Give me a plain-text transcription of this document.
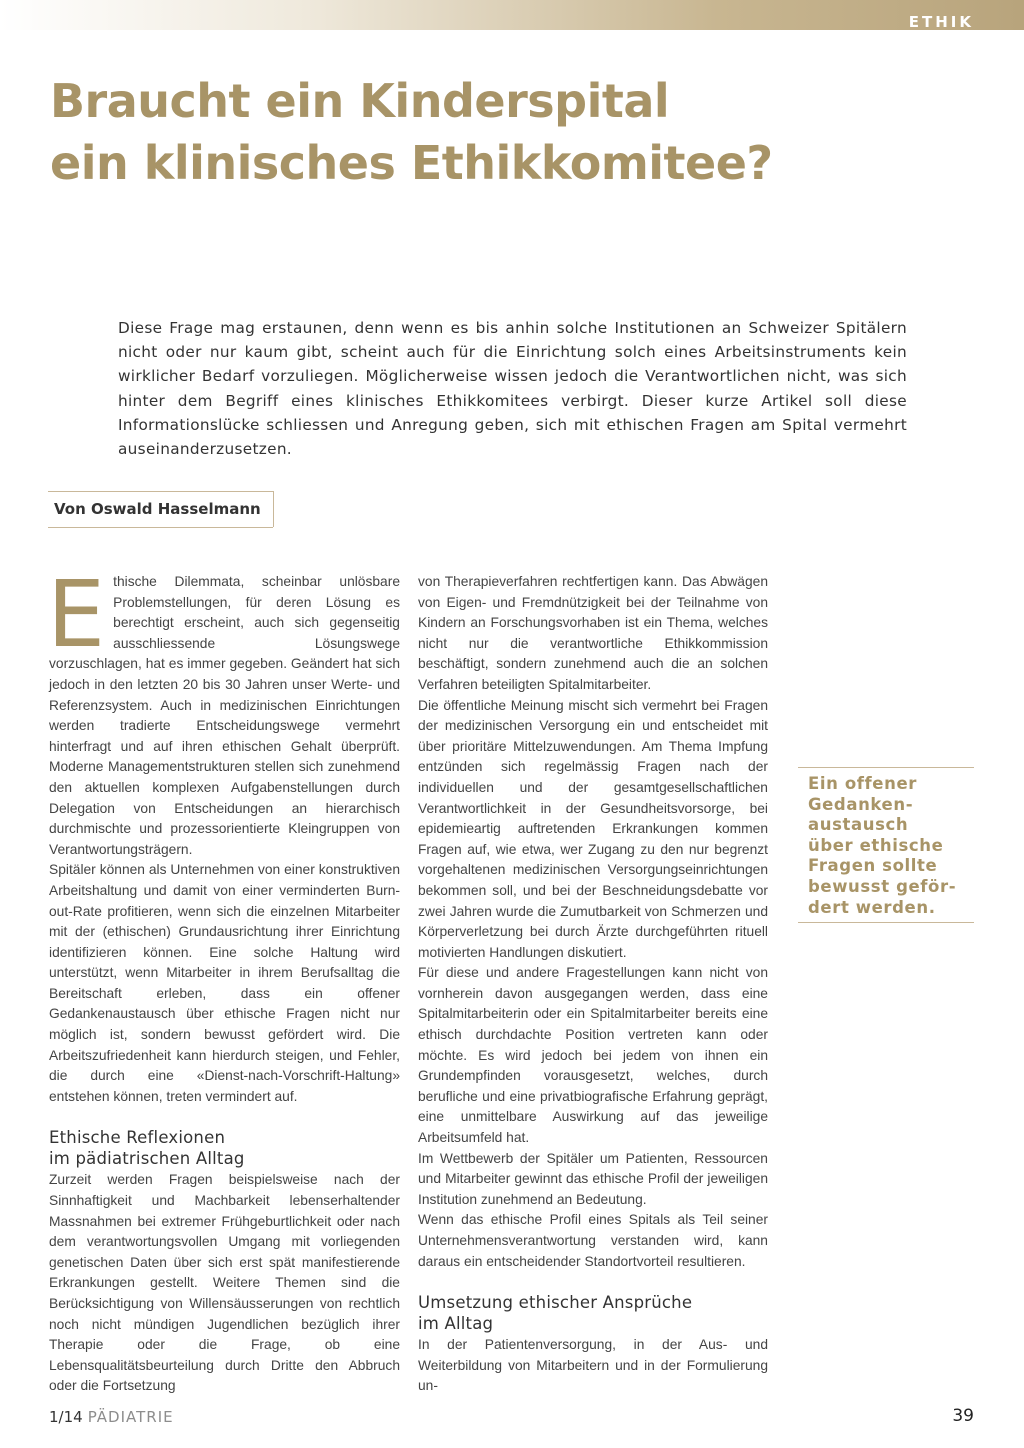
ETHIK
Braucht ein Kinderspital
ein klinisches Ethikkomitee?

Diese Frage mag erstaunen, denn wenn es bis anhin solche Institutionen an Schweizer Spitälern nicht oder nur kaum gibt, scheint auch für die Einrichtung solch eines Arbeitsinstruments kein wirklicher Bedarf vorzuliegen. Möglicherweise wissen jedoch die Verantwortlichen nicht, was sich hinter dem Begriff eines klinisches Ethikkomitees verbirgt. Dieser kurze Artikel soll diese Informationslücke schliessen und Anregung geben, sich mit ethischen Fragen am Spital vermehrt auseinanderzusetzen.

Von Oswald Hasselmann

Ethische Dilemmata, scheinbar unlösbare Problemstellungen, für deren Lösung es berechtigt erscheint, auch sich gegenseitig ausschliessende Lösungswege vorzuschlagen, hat es immer gegeben. Geändert hat sich jedoch in den letzten 20 bis 30 Jahren unser Werte- und Referenzsystem. Auch in medizinischen Einrichtungen werden tradierte Entscheidungswege vermehrt hinterfragt und auf ihren ethischen Gehalt überprüft. Moderne Managementstrukturen stellen sich zunehmend den aktuellen komplexen Aufgabenstellungen durch Delegation von Entscheidungen an hierarchisch durchmischte und prozessorientierte Kleingruppen von Verantwortungsträgern.

Spitäler können als Unternehmen von einer konstruktiven Arbeitshaltung und damit von einer verminderten Burn-out-Rate profitieren, wenn sich die einzelnen Mitarbeiter mit der (ethischen) Grundausrichtung ihrer Einrichtung identifizieren können. Eine solche Haltung wird unterstützt, wenn Mitarbeiter in ihrem Berufsalltag die Bereitschaft erleben, dass ein offener Gedankenaustausch über ethische Fragen nicht nur möglich ist, sondern bewusst gefördert wird. Die Arbeitszufriedenheit kann hierdurch steigen, und Fehler, die durch eine «Dienst-nach-Vorschrift-Haltung» entstehen können, treten vermindert auf.

Ethische Reflexionen
im pädiatrischen Alltag

Zurzeit werden Fragen beispielsweise nach der Sinnhaftigkeit und Machbarkeit lebenserhaltender Massnahmen bei extremer Frühgeburtlichkeit oder nach dem verantwortungsvollen Umgang mit vorliegenden genetischen Daten über sich erst spät manifestierende Erkrankungen gestellt. Weitere Themen sind die Berücksichtigung von Willensäusserungen von rechtlich noch nicht mündigen Jugendlichen bezüglich ihrer Therapie oder die Frage, ob eine Lebensqualitätsbeurteilung durch Dritte den Abbruch oder die Fortsetzung

von Therapieverfahren rechtfertigen kann. Das Abwägen von Eigen- und Fremdnützigkeit bei der Teilnahme von Kindern an Forschungsvorhaben ist ein Thema, welches nicht nur die verantwortliche Ethikkommission beschäftigt, sondern zunehmend auch die an solchen Verfahren beteiligten Spitalmitarbeiter.

Die öffentliche Meinung mischt sich vermehrt bei Fragen der medizinischen Versorgung ein und entscheidet mit über prioritäre Mittelzuwendungen. Am Thema Impfung entzünden sich regelmässig Fragen nach der individuellen und der gesamtgesellschaftlichen Verantwortlichkeit in der Gesundheitsvorsorge, bei epidemieartig auftretenden Erkrankungen kommen Fragen auf, wie etwa, wer Zugang zu den nur begrenzt vorgehaltenen medizinischen Versorgungseinrichtungen bekommen soll, und bei der Beschneidungsdebatte vor zwei Jahren wurde die Zumutbarkeit von Schmerzen und Körperverletzung bei durch Ärzte durchgeführten rituell motivierten Handlungen diskutiert.

Für diese und andere Fragestellungen kann nicht von vornherein davon ausgegangen werden, dass eine Spitalmitarbeiterin oder ein Spitalmitarbeiter bereits eine ethisch durchdachte Position vertreten kann oder möchte. Es wird jedoch bei jedem von ihnen ein Grundempfinden vorausgesetzt, welches, durch berufliche und eine privatbiografische Erfahrung geprägt, eine unmittelbare Auswirkung auf das jeweilige Arbeitsumfeld hat.

Im Wettbewerb der Spitäler um Patienten, Ressourcen und Mitarbeiter gewinnt das ethische Profil der jeweiligen Institution zunehmend an Bedeutung.

Wenn das ethische Profil eines Spitals als Teil seiner Unternehmensverantwortung verstanden wird, kann daraus ein entscheidender Standortvorteil resultieren.

Umsetzung ethischer Ansprüche
im Alltag

In der Patientenversorgung, in der Aus- und Weiterbildung von Mitarbeitern und in der Formulierung un-

Ein offener
Gedanken-
austausch
über ethische
Fragen sollte
bewusst geför-
dert werden.
1/14 PÄDIATRIE	39
